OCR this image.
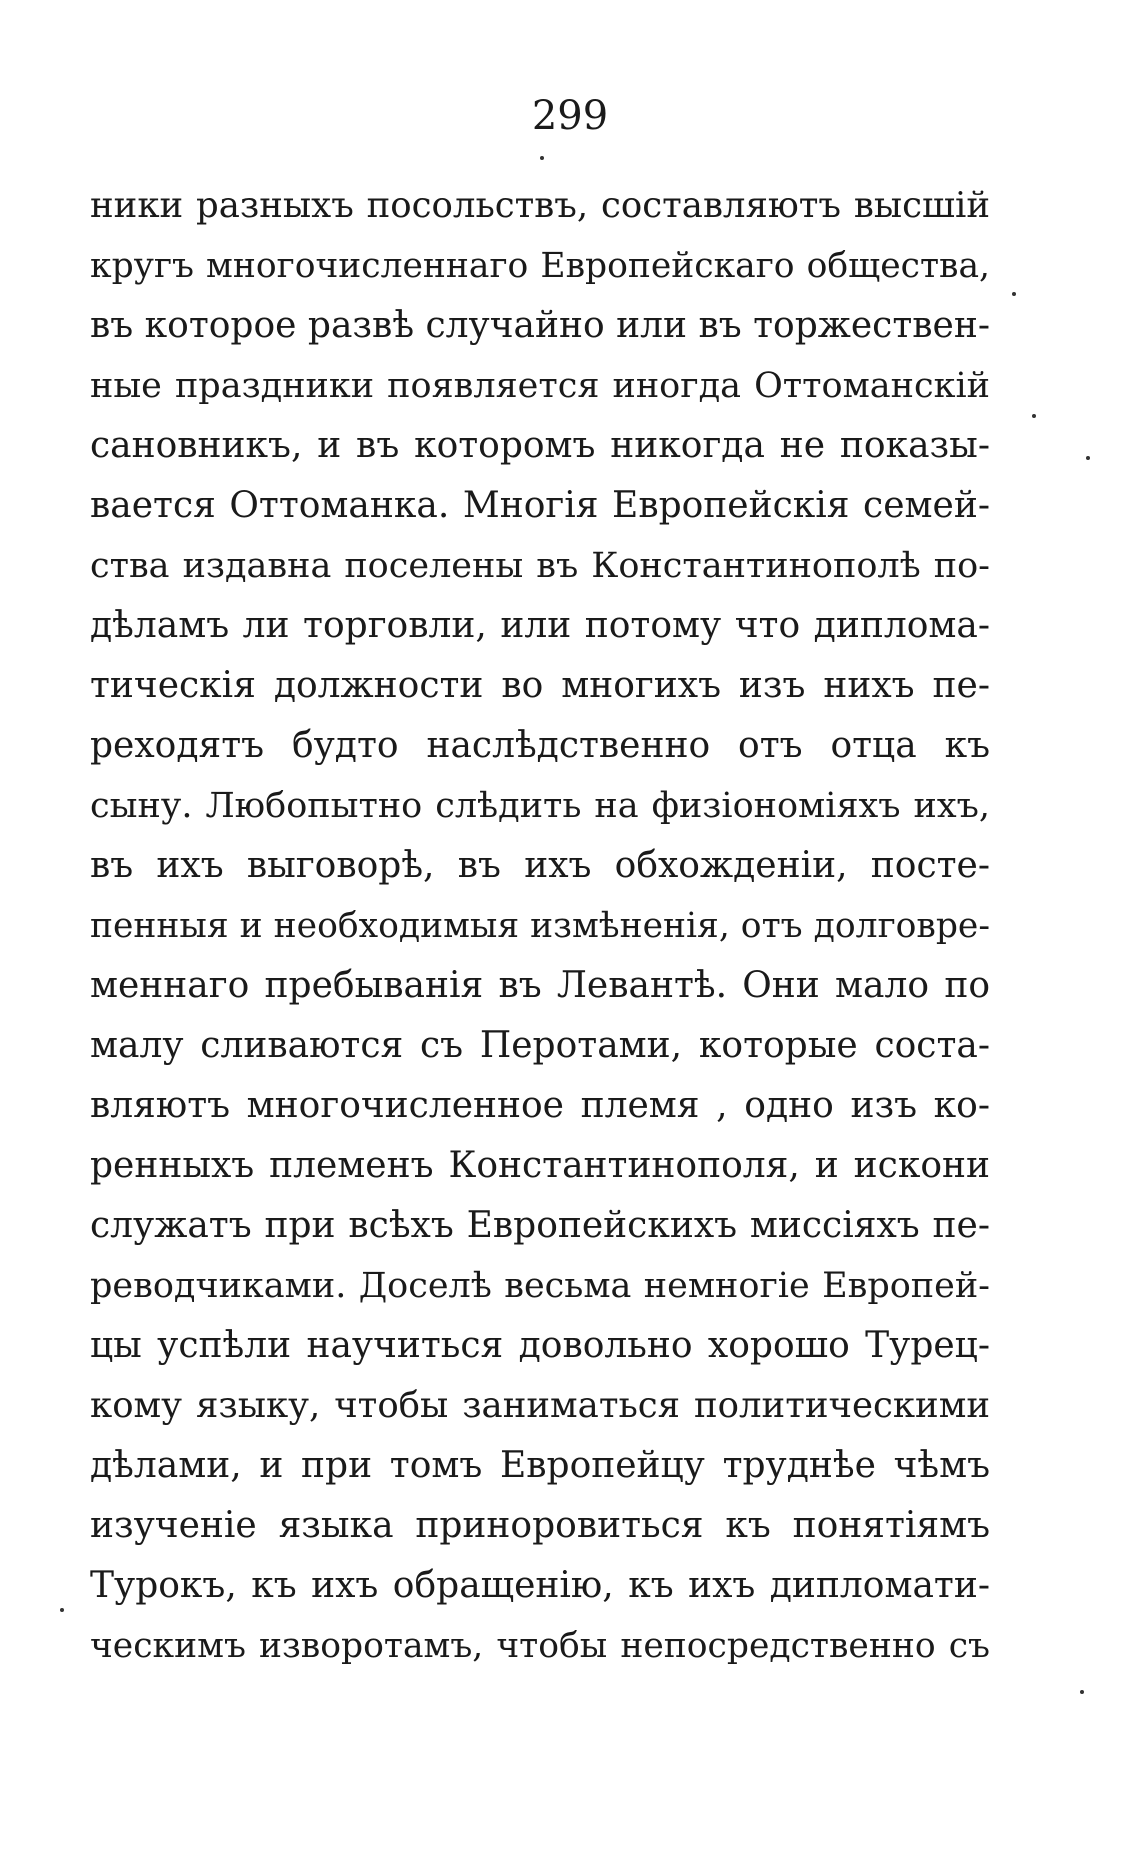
299
ники разныхъ посольствъ, составляютъ высшій
кругъ многочисленнаго Европейскаго общества,
въ которое развѣ случайно или въ торжествен-
ные праздники появляется иногда Оттоманскій
сановникъ, и въ которомъ никогда не показы-
вается Оттоманка. Многія Европейскія семей-
ства издавна поселены въ Константинополѣ по-
дѣламъ ли торговли, или потому что диплома-
тическія должности во многихъ изъ нихъ пе-
реходятъ будто наслѣдственно отъ отца къ
сыну. Любопытно слѣдить на физіономіяхъ ихъ,
въ ихъ выговорѣ, въ ихъ обхожденіи, посте-
пенныя и необходимыя измѣненія, отъ долговре-
меннаго пребыванія въ Левантѣ. Они мало по
малу сливаются съ Перотами, которые соста-
вляютъ многочисленное племя , одно изъ ко-
ренныхъ племенъ Константинополя, и искони
служатъ при всѣхъ Европейскихъ миссіяхъ пе-
реводчиками. Доселѣ весьма немногіе Европей-
цы успѣли научиться довольно хорошо Турец-
кому языку, чтобы заниматься политическими
дѣлами, и при томъ Европейцу труднѣе чѣмъ
изученіе языка приноровиться къ понятіямъ
Турокъ, къ ихъ обращенію, къ ихъ дипломати-
ческимъ изворотамъ, чтобы непосредственно съ
